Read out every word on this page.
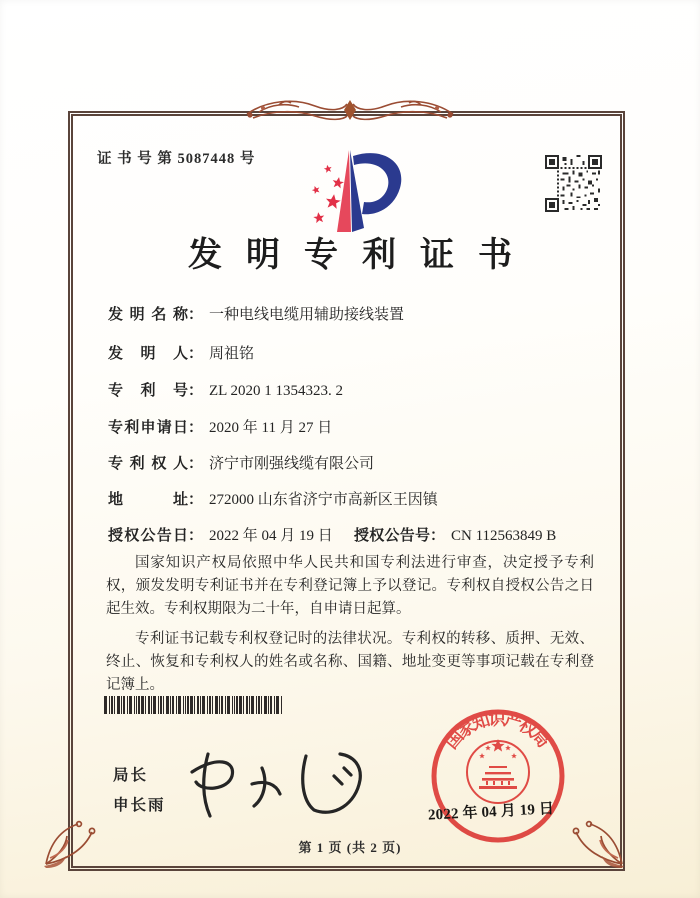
证 书 号 第 5087448 号
发明专利证书
发明名称： 一种电线电缆用辅助接线装置
发明人： 周祖铭
专利号： ZL 2020 1 1354323. 2
专利申请日： 2020 年 11 月 27 日
专利权人： 济宁市刚强线缆有限公司
地址： 272000 山东省济宁市高新区王因镇
授权公告日： 2022 年 04 月 19 日 授权公告号： CN 112563849 B

国家知识产权局依照中华人民共和国专利法进行审查，决定授予专利权，颁发发明专利证书并在专利登记簿上予以登记。专利权自授权公告之日起生效。专利权期限为二十年，自申请日起算。

专利证书记载专利权登记时的法律状况。专利权的转移、质押、无效、终止、恢复和专利权人的姓名或名称、国籍、地址变更等事项记载在专利登记簿上。

局长
申长雨
国家知识产权局
2022 年 04 月 19 日
第 1 页 (共 2 页)
